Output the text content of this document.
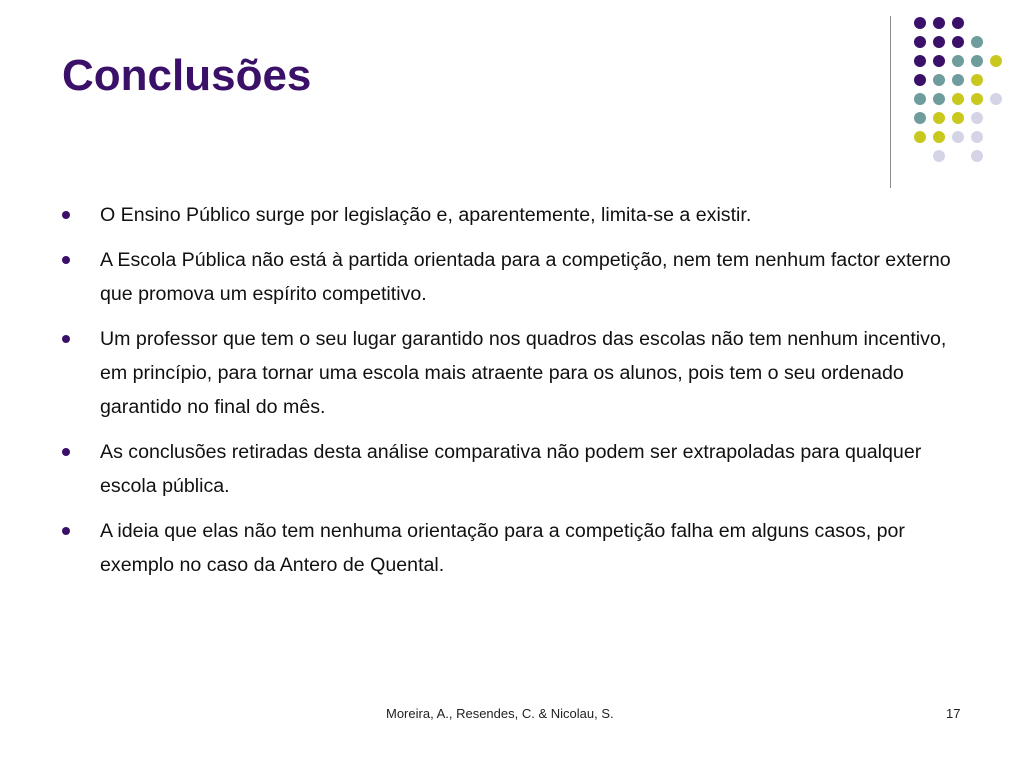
Conclusões
O Ensino Público surge por legislação e, aparentemente, limita-se a existir.
A Escola Pública não está à partida orientada para a competição, nem tem nenhum factor externo que promova um espírito competitivo.
Um professor que tem o seu lugar garantido nos quadros das escolas não tem nenhum incentivo, em princípio, para tornar uma escola mais atraente para os alunos, pois tem o seu ordenado garantido no final do mês.
As conclusões retiradas desta análise comparativa não podem ser extrapoladas para qualquer escola pública.
A ideia que elas não tem nenhuma orientação para a competição falha em alguns casos, por exemplo no caso da Antero de Quental.
Moreira, A., Resendes, C. & Nicolau, S.	17
